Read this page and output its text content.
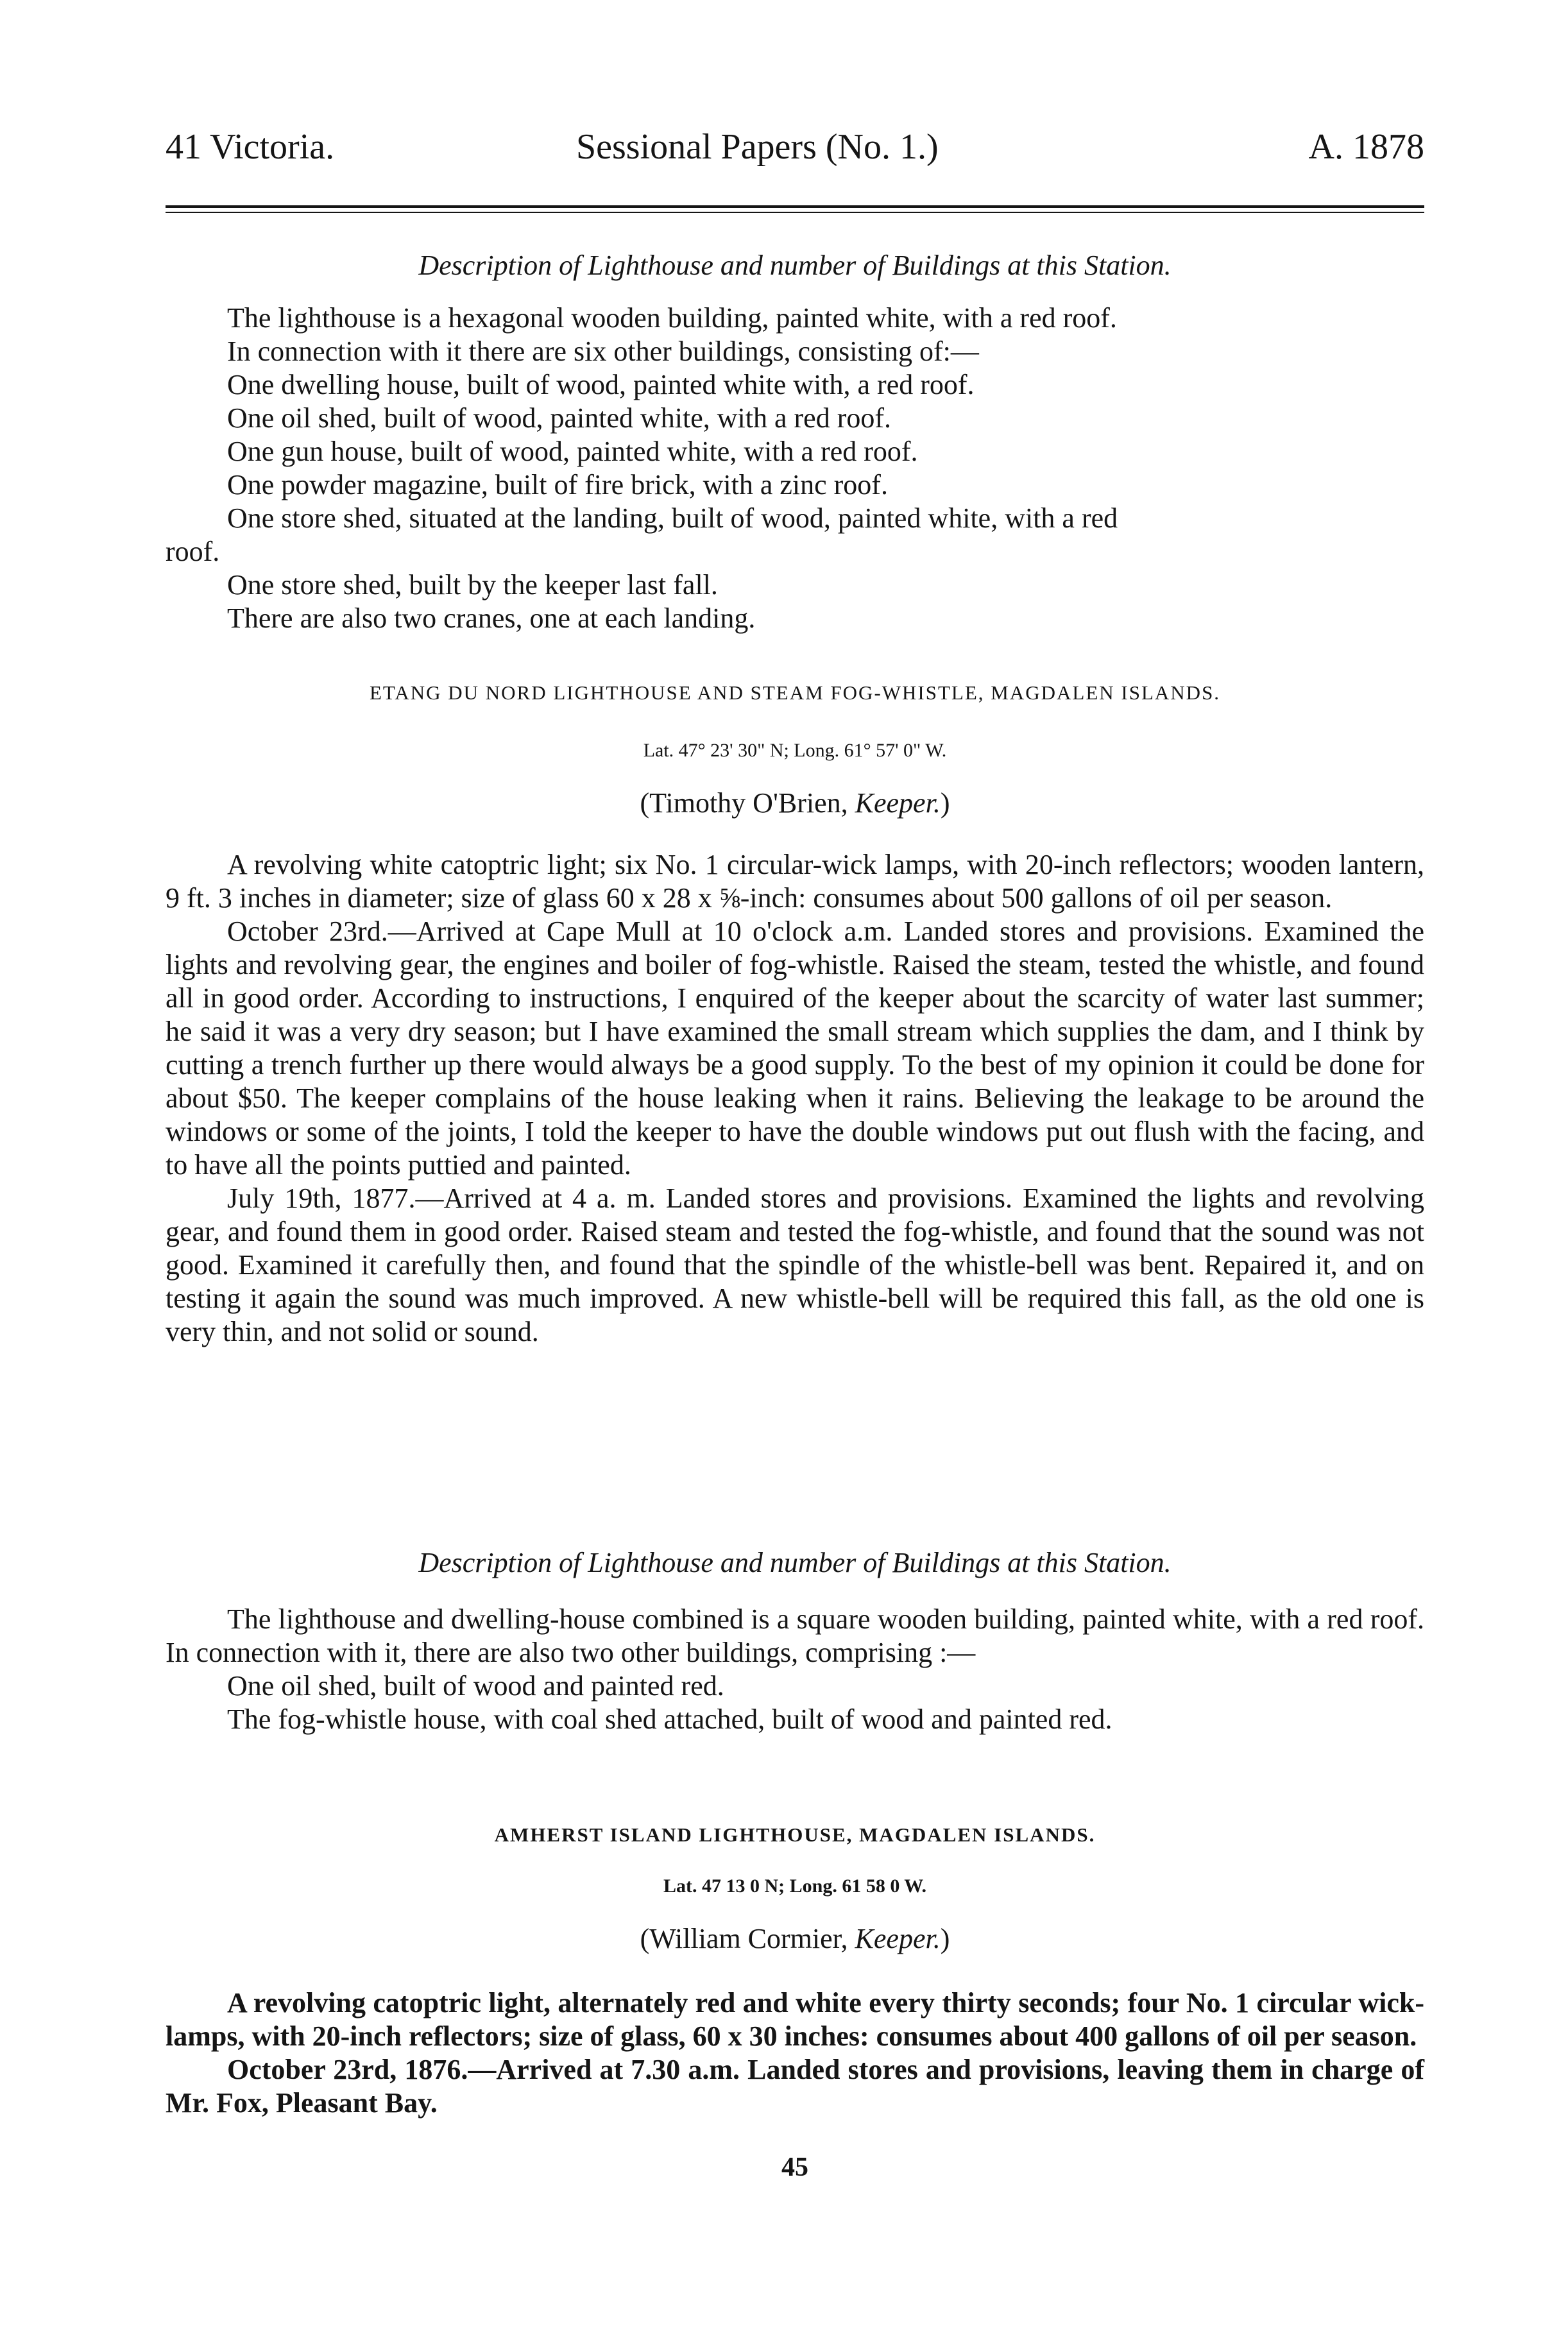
41 Victoria.	Sessional Papers (No. 1.)	A. 1878
Description of Lighthouse and number of Buildings at this Station.
The lighthouse is a hexagonal wooden building, painted white, with a red roof.
In connection with it there are six other buildings, consisting of:—
One dwelling house, built of wood, painted white with, a red roof.
One oil shed, built of wood, painted white, with a red roof.
One gun house, built of wood, painted white, with a red roof.
One powder magazine, built of fire brick, with a zinc roof.
One store shed, situated at the landing, built of wood, painted white, with a red
roof.
One store shed, built by the keeper last fall.
There are also two cranes, one at each landing.
ETANG DU NORD LIGHTHOUSE AND STEAM FOG-WHISTLE, MAGDALEN ISLANDS.
Lat. 47° 23' 30" N; Long. 61° 57' 0" W.
(Timothy O'Brien, Keeper.)

A revolving white catoptric light; six No. 1 circular-wick lamps, with 20-inch reflectors; wooden lantern, 9 ft. 3 inches in diameter; size of glass 60 x 28 x ⅝-inch: consumes about 500 gallons of oil per season.

October 23rd.—Arrived at Cape Mull at 10 o'clock a.m. Landed stores and provisions. Examined the lights and revolving gear, the engines and boiler of fog-whistle. Raised the steam, tested the whistle, and found all in good order. According to instructions, I enquired of the keeper about the scarcity of water last summer; he said it was a very dry season; but I have examined the small stream which supplies the dam, and I think by cutting a trench further up there would always be a good supply. To the best of my opinion it could be done for about $50. The keeper complains of the house leaking when it rains. Believing the leakage to be around the windows or some of the joints, I told the keeper to have the double windows put out flush with the facing, and to have all the points puttied and painted.

July 19th, 1877.—Arrived at 4 a. m. Landed stores and provisions. Examined the lights and revolving gear, and found them in good order. Raised steam and tested the fog-whistle, and found that the sound was not good. Examined it carefully then, and found that the spindle of the whistle-bell was bent. Repaired it, and on testing it again the sound was much improved. A new whistle-bell will be required this fall, as the old one is very thin, and not solid or sound.

Description of Lighthouse and number of Buildings at this Station.

The lighthouse and dwelling-house combined is a square wooden building, painted white, with a red roof. In connection with it, there are also two other buildings, comprising :—

One oil shed, built of wood and painted red.
The fog-whistle house, with coal shed attached, built of wood and painted red.
AMHERST ISLAND LIGHTHOUSE, MAGDALEN ISLANDS.
Lat. 47 13 0 N; Long. 61 58 0 W.
(William Cormier, Keeper.)

A revolving catoptric light, alternately red and white every thirty seconds; four No. 1 circular wick-lamps, with 20-inch reflectors; size of glass, 60 x 30 inches: consumes about 400 gallons of oil per season.

October 23rd, 1876.—Arrived at 7.30 a.m. Landed stores and provisions, leaving them in charge of Mr. Fox, Pleasant Bay.

45
